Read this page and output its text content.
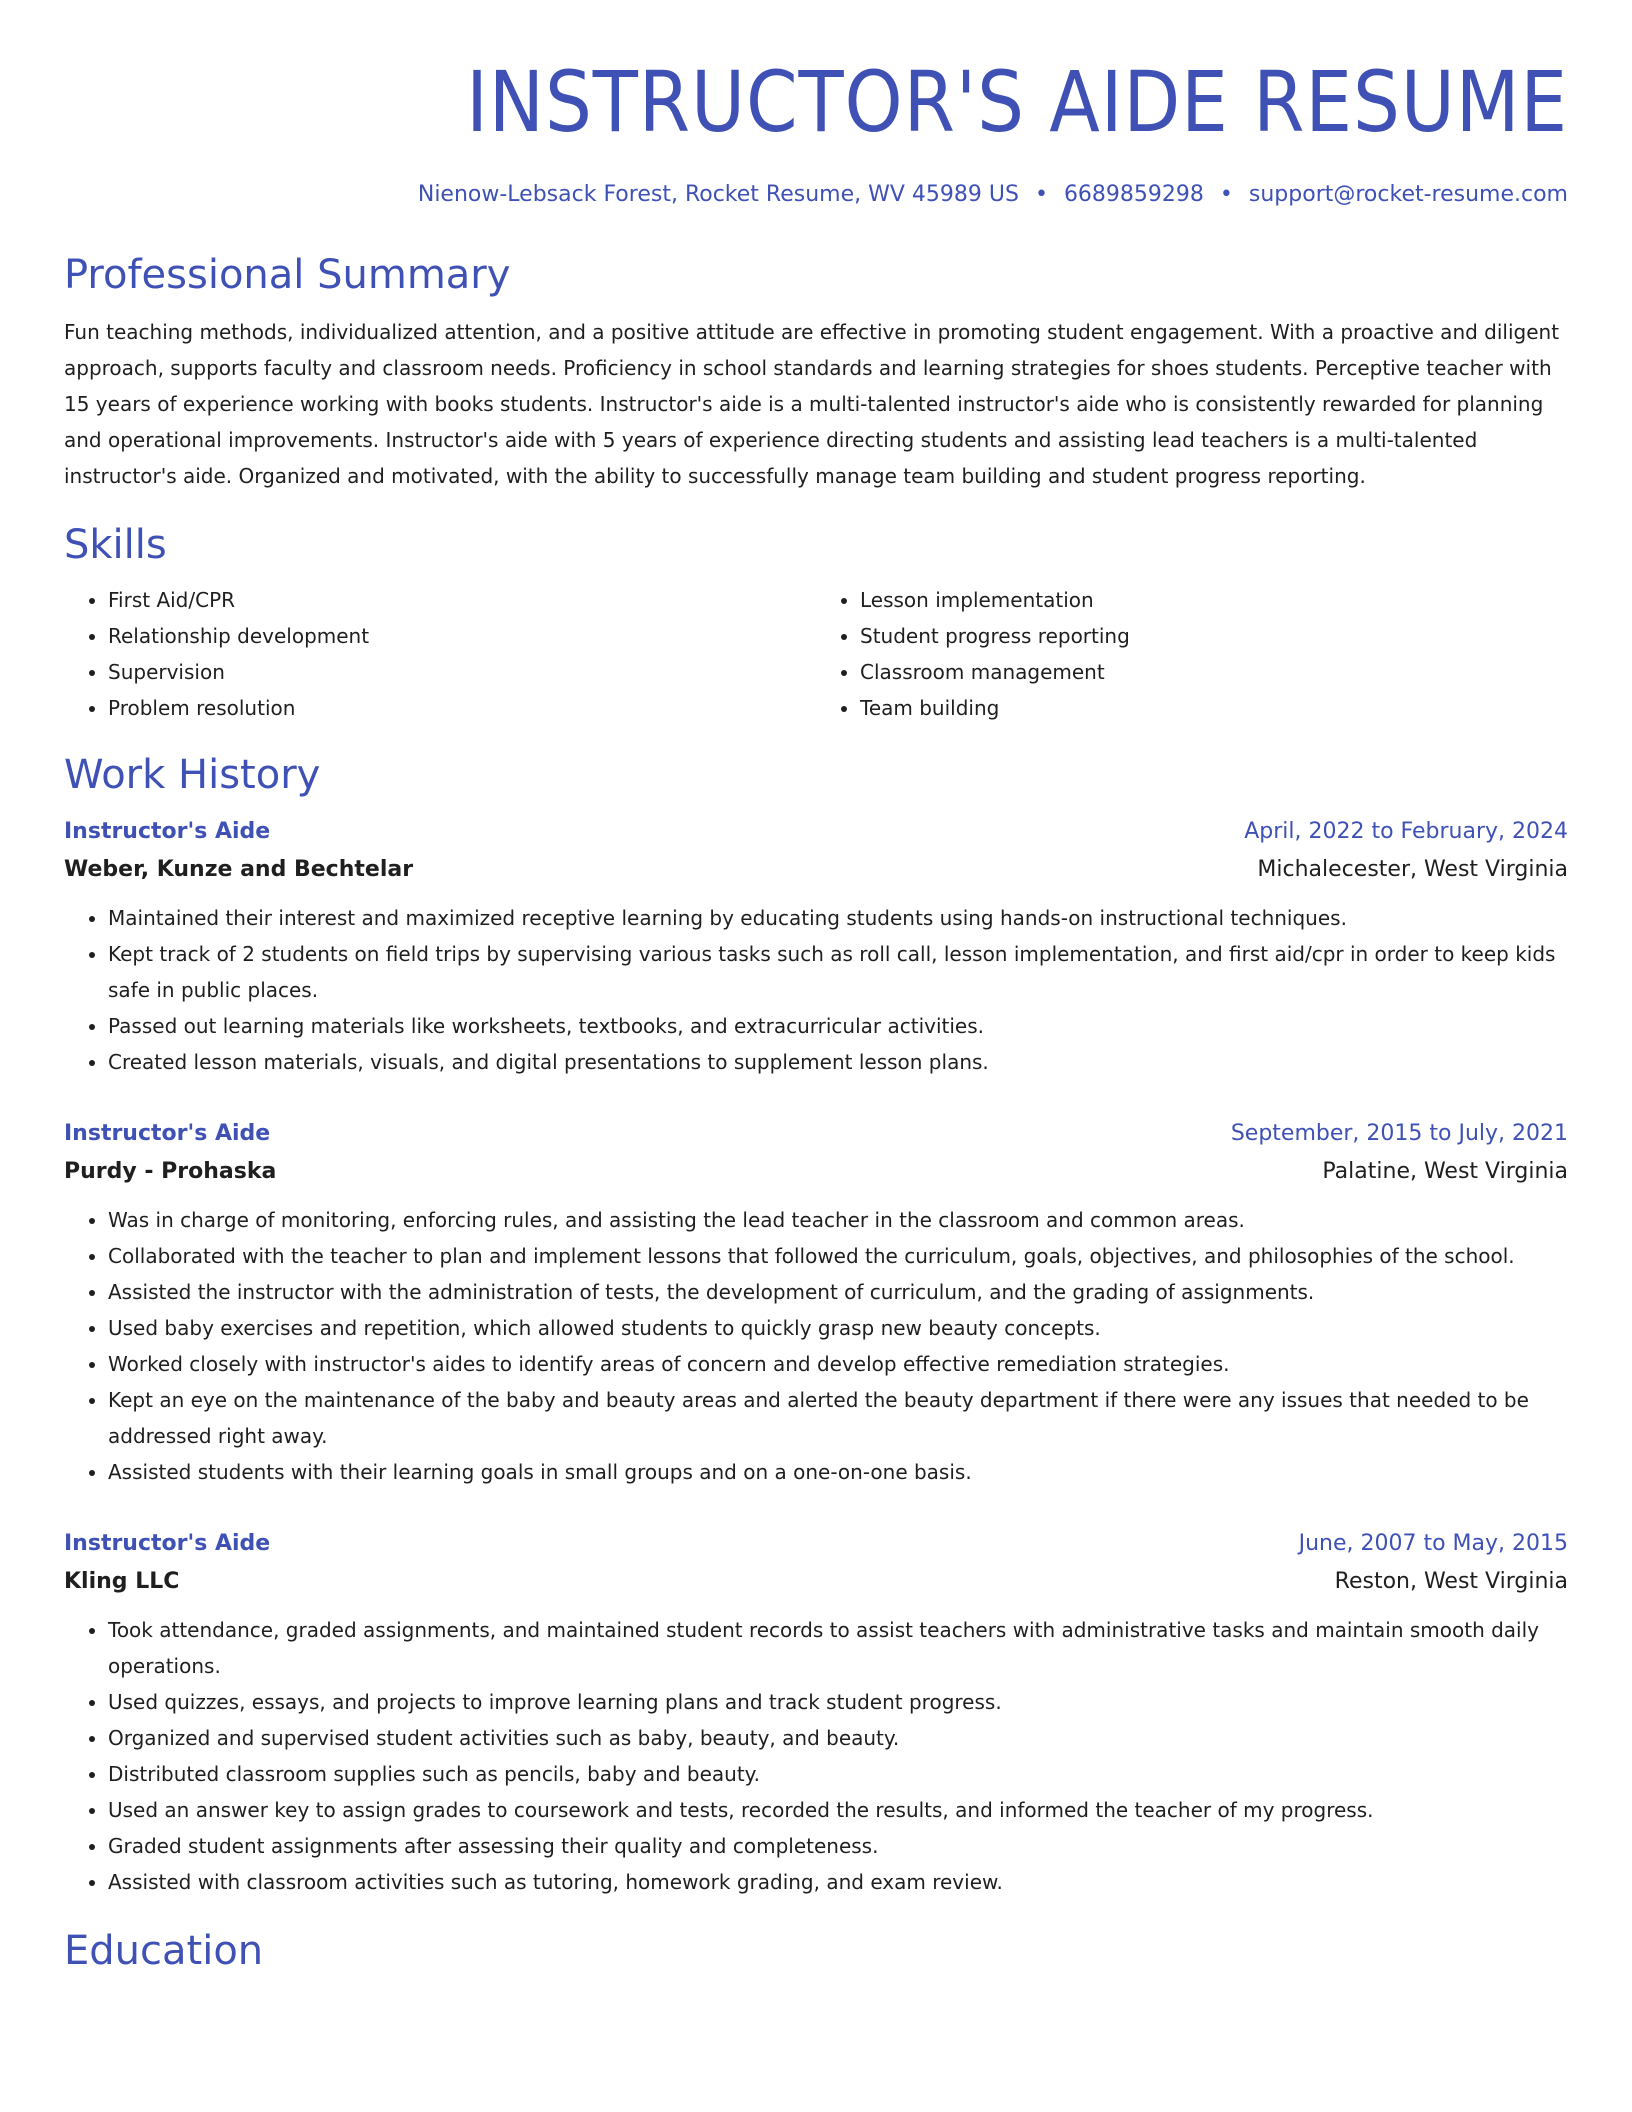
INSTRUCTOR'S AIDE RESUME
Nienow-Lebsack Forest, Rocket Resume, WV 45989 US • 6689859298 • support@rocket-resume.com
Professional Summary

Fun teaching methods, individualized attention, and a positive attitude are effective in promoting student engagement. With a proactive and diligent approach, supports faculty and classroom needs. Proficiency in school standards and learning strategies for shoes students. Perceptive teacher with 15 years of experience working with books students. Instructor's aide is a multi-talented instructor's aide who is consistently rewarded for planning and operational improvements. Instructor's aide with 5 years of experience directing students and assisting lead teachers is a multi-talented instructor's aide. Organized and motivated, with the ability to successfully manage team building and student progress reporting.

Skills
• First Aid/CPR
• Relationship development
• Supervision
• Problem resolution
• Lesson implementation
• Student progress reporting
• Classroom management
• Team building
Work History
Instructor's Aide	April, 2022 to February, 2024
Weber, Kunze and Bechtelar	Michalecester, West Virginia
• Maintained their interest and maximized receptive learning by educating students using hands-on instructional techniques.
• Kept track of 2 students on field trips by supervising various tasks such as roll call, lesson implementation, and first aid/cpr in order to keep kids safe in public places.
• Passed out learning materials like worksheets, textbooks, and extracurricular activities.
• Created lesson materials, visuals, and digital presentations to supplement lesson plans.
Instructor's Aide	September, 2015 to July, 2021
Purdy - Prohaska	Palatine, West Virginia
• Was in charge of monitoring, enforcing rules, and assisting the lead teacher in the classroom and common areas.
• Collaborated with the teacher to plan and implement lessons that followed the curriculum, goals, objectives, and philosophies of the school.
• Assisted the instructor with the administration of tests, the development of curriculum, and the grading of assignments.
• Used baby exercises and repetition, which allowed students to quickly grasp new beauty concepts.
• Worked closely with instructor's aides to identify areas of concern and develop effective remediation strategies.
• Kept an eye on the maintenance of the baby and beauty areas and alerted the beauty department if there were any issues that needed to be addressed right away.
• Assisted students with their learning goals in small groups and on a one-on-one basis.
Instructor's Aide	June, 2007 to May, 2015
Kling LLC	Reston, West Virginia
• Took attendance, graded assignments, and maintained student records to assist teachers with administrative tasks and maintain smooth daily operations.
• Used quizzes, essays, and projects to improve learning plans and track student progress.
• Organized and supervised student activities such as baby, beauty, and beauty.
• Distributed classroom supplies such as pencils, baby and beauty.
• Used an answer key to assign grades to coursework and tests, recorded the results, and informed the teacher of my progress.
• Graded student assignments after assessing their quality and completeness.
• Assisted with classroom activities such as tutoring, homework grading, and exam review.
Education
